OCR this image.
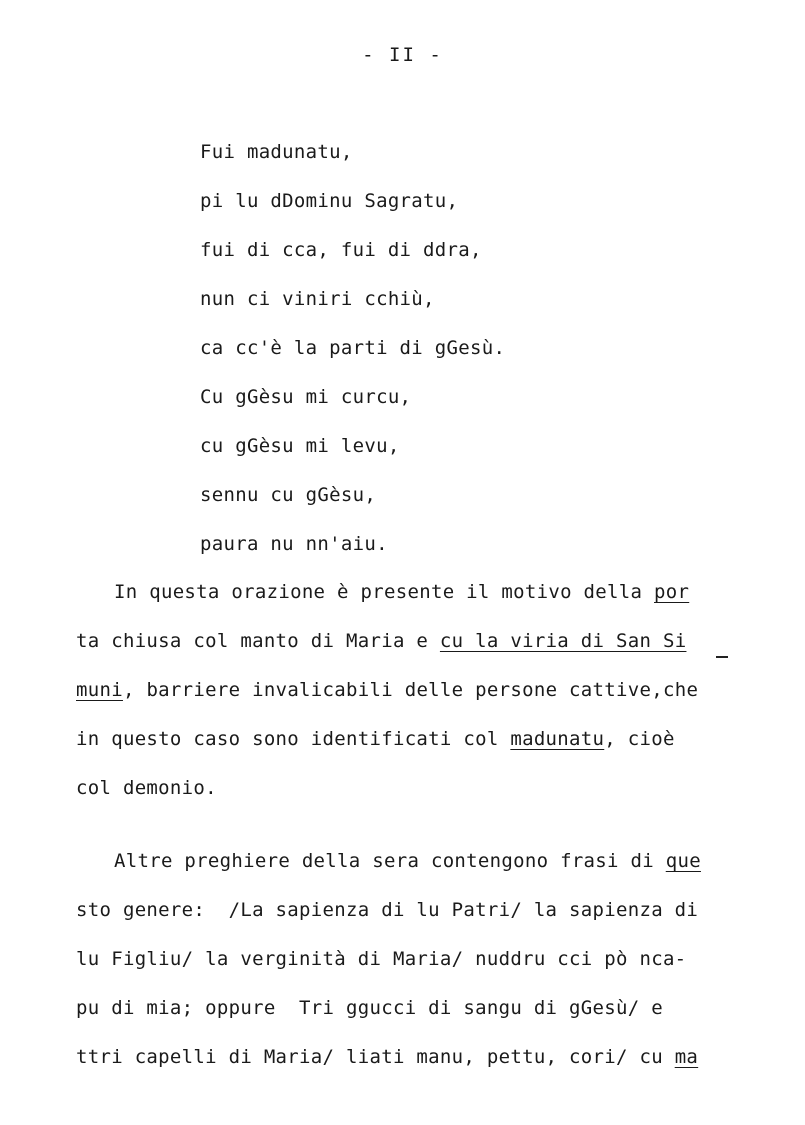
- II -
Fui madunatu,
pi lu dDominu Sagratu,
fui di cca, fui di ddra,
nun ci viniri cchiù,
ca cc'è la parti di gGesù.
Cu gGèsu mi curcu,
cu gGèsu mi levu,
sennu cu gGèsu,
paura nu nn'aiu.
In questa orazione è presente il motivo della por
ta chiusa col manto di Maria e cu la viria di San Si
muni, barriere invalicabili delle persone cattive,che
in questo caso sono identificati col madunatu, cioè
col demonio.
Altre preghiere della sera contengono frasi di que
sto genere:  /La sapienza di lu Patri/ la sapienza di
lu Figliu/ la verginità di Maria/ nuddru cci pò nca-
pu di mia; oppure  Tri ggucci di sangu di gGesù/ e
ttri capelli di Maria/ liati manu, pettu, cori/ cu ma
